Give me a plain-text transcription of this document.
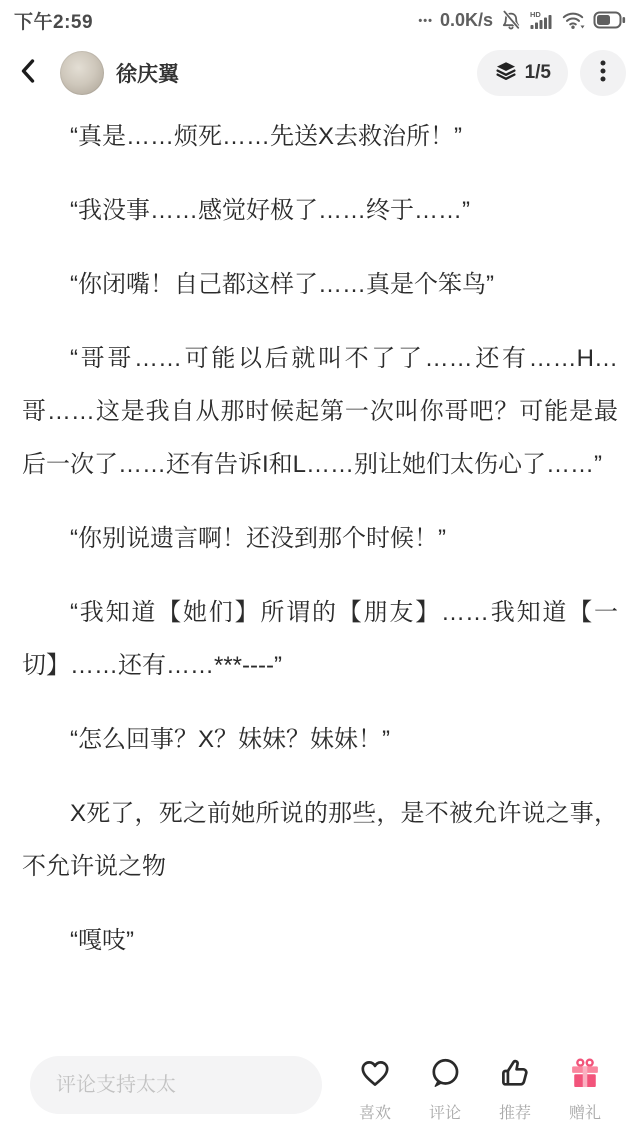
下午2:59	••• 0.0K/s	HD
徐庆翼	1/5

“真是……烦死……先送X去救治所！”

“我没事……感觉好极了……终于……”

“你闭嘴！自己都这样了……真是个笨鸟”

“哥哥……可能以后就叫不了了……还有……H…哥……这是我自从那时候起第一次叫你哥吧？可能是最后一次了……还有告诉I和L……别让她们太伤心了……”

“你别说遗言啊！还没到那个时候！”

“我知道【她们】所谓的【朋友】……我知道【一切】……还有……***----”

“怎么回事？X？妹妹？妹妹！”

X死了，死之前她所说的那些，是不被允许说之事，不允许说之物

“嘎吱”

评论支持太太
喜欢 评论 推荐 赠礼
